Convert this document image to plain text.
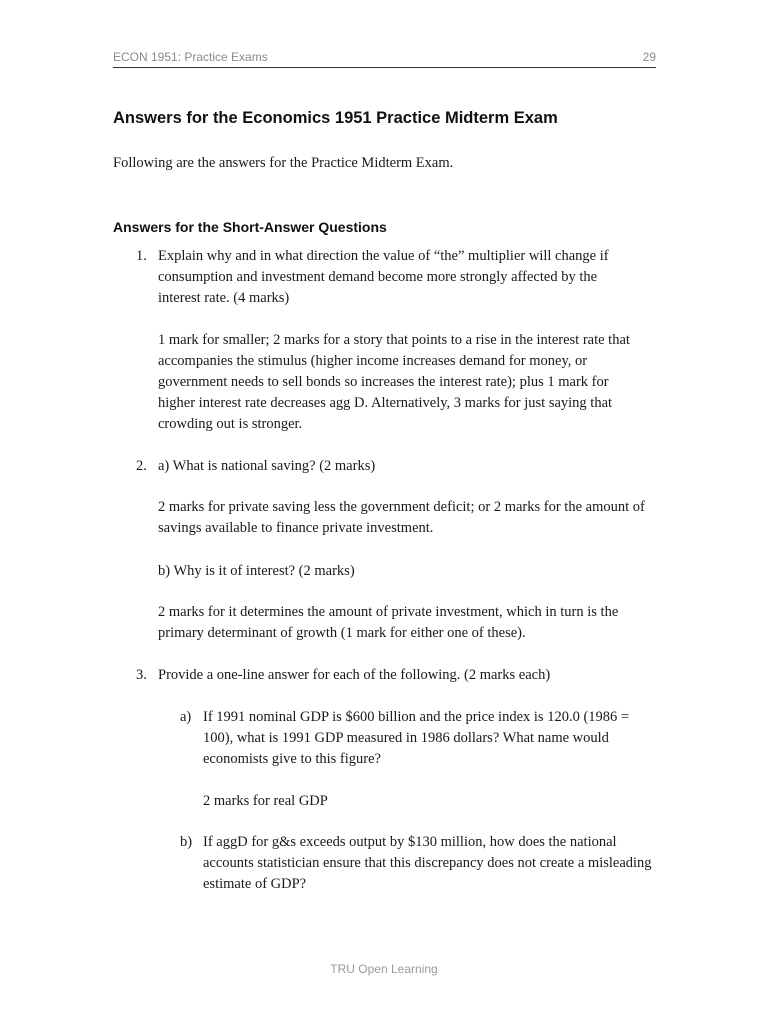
ECON 1951: Practice Exams	29
Answers for the Economics 1951 Practice Midterm Exam

Following are the answers for the Practice Midterm Exam.

Answers for the Short-Answer Questions
1. Explain why and in what direction the value of “the” multiplier will change if consumption and investment demand become more strongly affected by the interest rate. (4 marks)

1 mark for smaller; 2 marks for a story that points to a rise in the interest rate that accompanies the stimulus (higher income increases demand for money, or government needs to sell bonds so increases the interest rate); plus 1 mark for higher interest rate decreases agg D. Alternatively, 3 marks for just saying that crowding out is stronger.

2. a) What is national saving? (2 marks)

2 marks for private saving less the government deficit; or 2 marks for the amount of savings available to finance private investment.

b) Why is it of interest? (2 marks)

2 marks for it determines the amount of private investment, which in turn is the primary determinant of growth (1 mark for either one of these).

3. Provide a one-line answer for each of the following. (2 marks each)

a) If 1991 nominal GDP is $600 billion and the price index is 120.0 (1986 = 100), what is 1991 GDP measured in 1986 dollars? What name would economists give to this figure?

2 marks for real GDP

b) If aggD for g&s exceeds output by $130 million, how does the national accounts statistician ensure that this discrepancy does not create a misleading estimate of GDP?

TRU Open Learning
